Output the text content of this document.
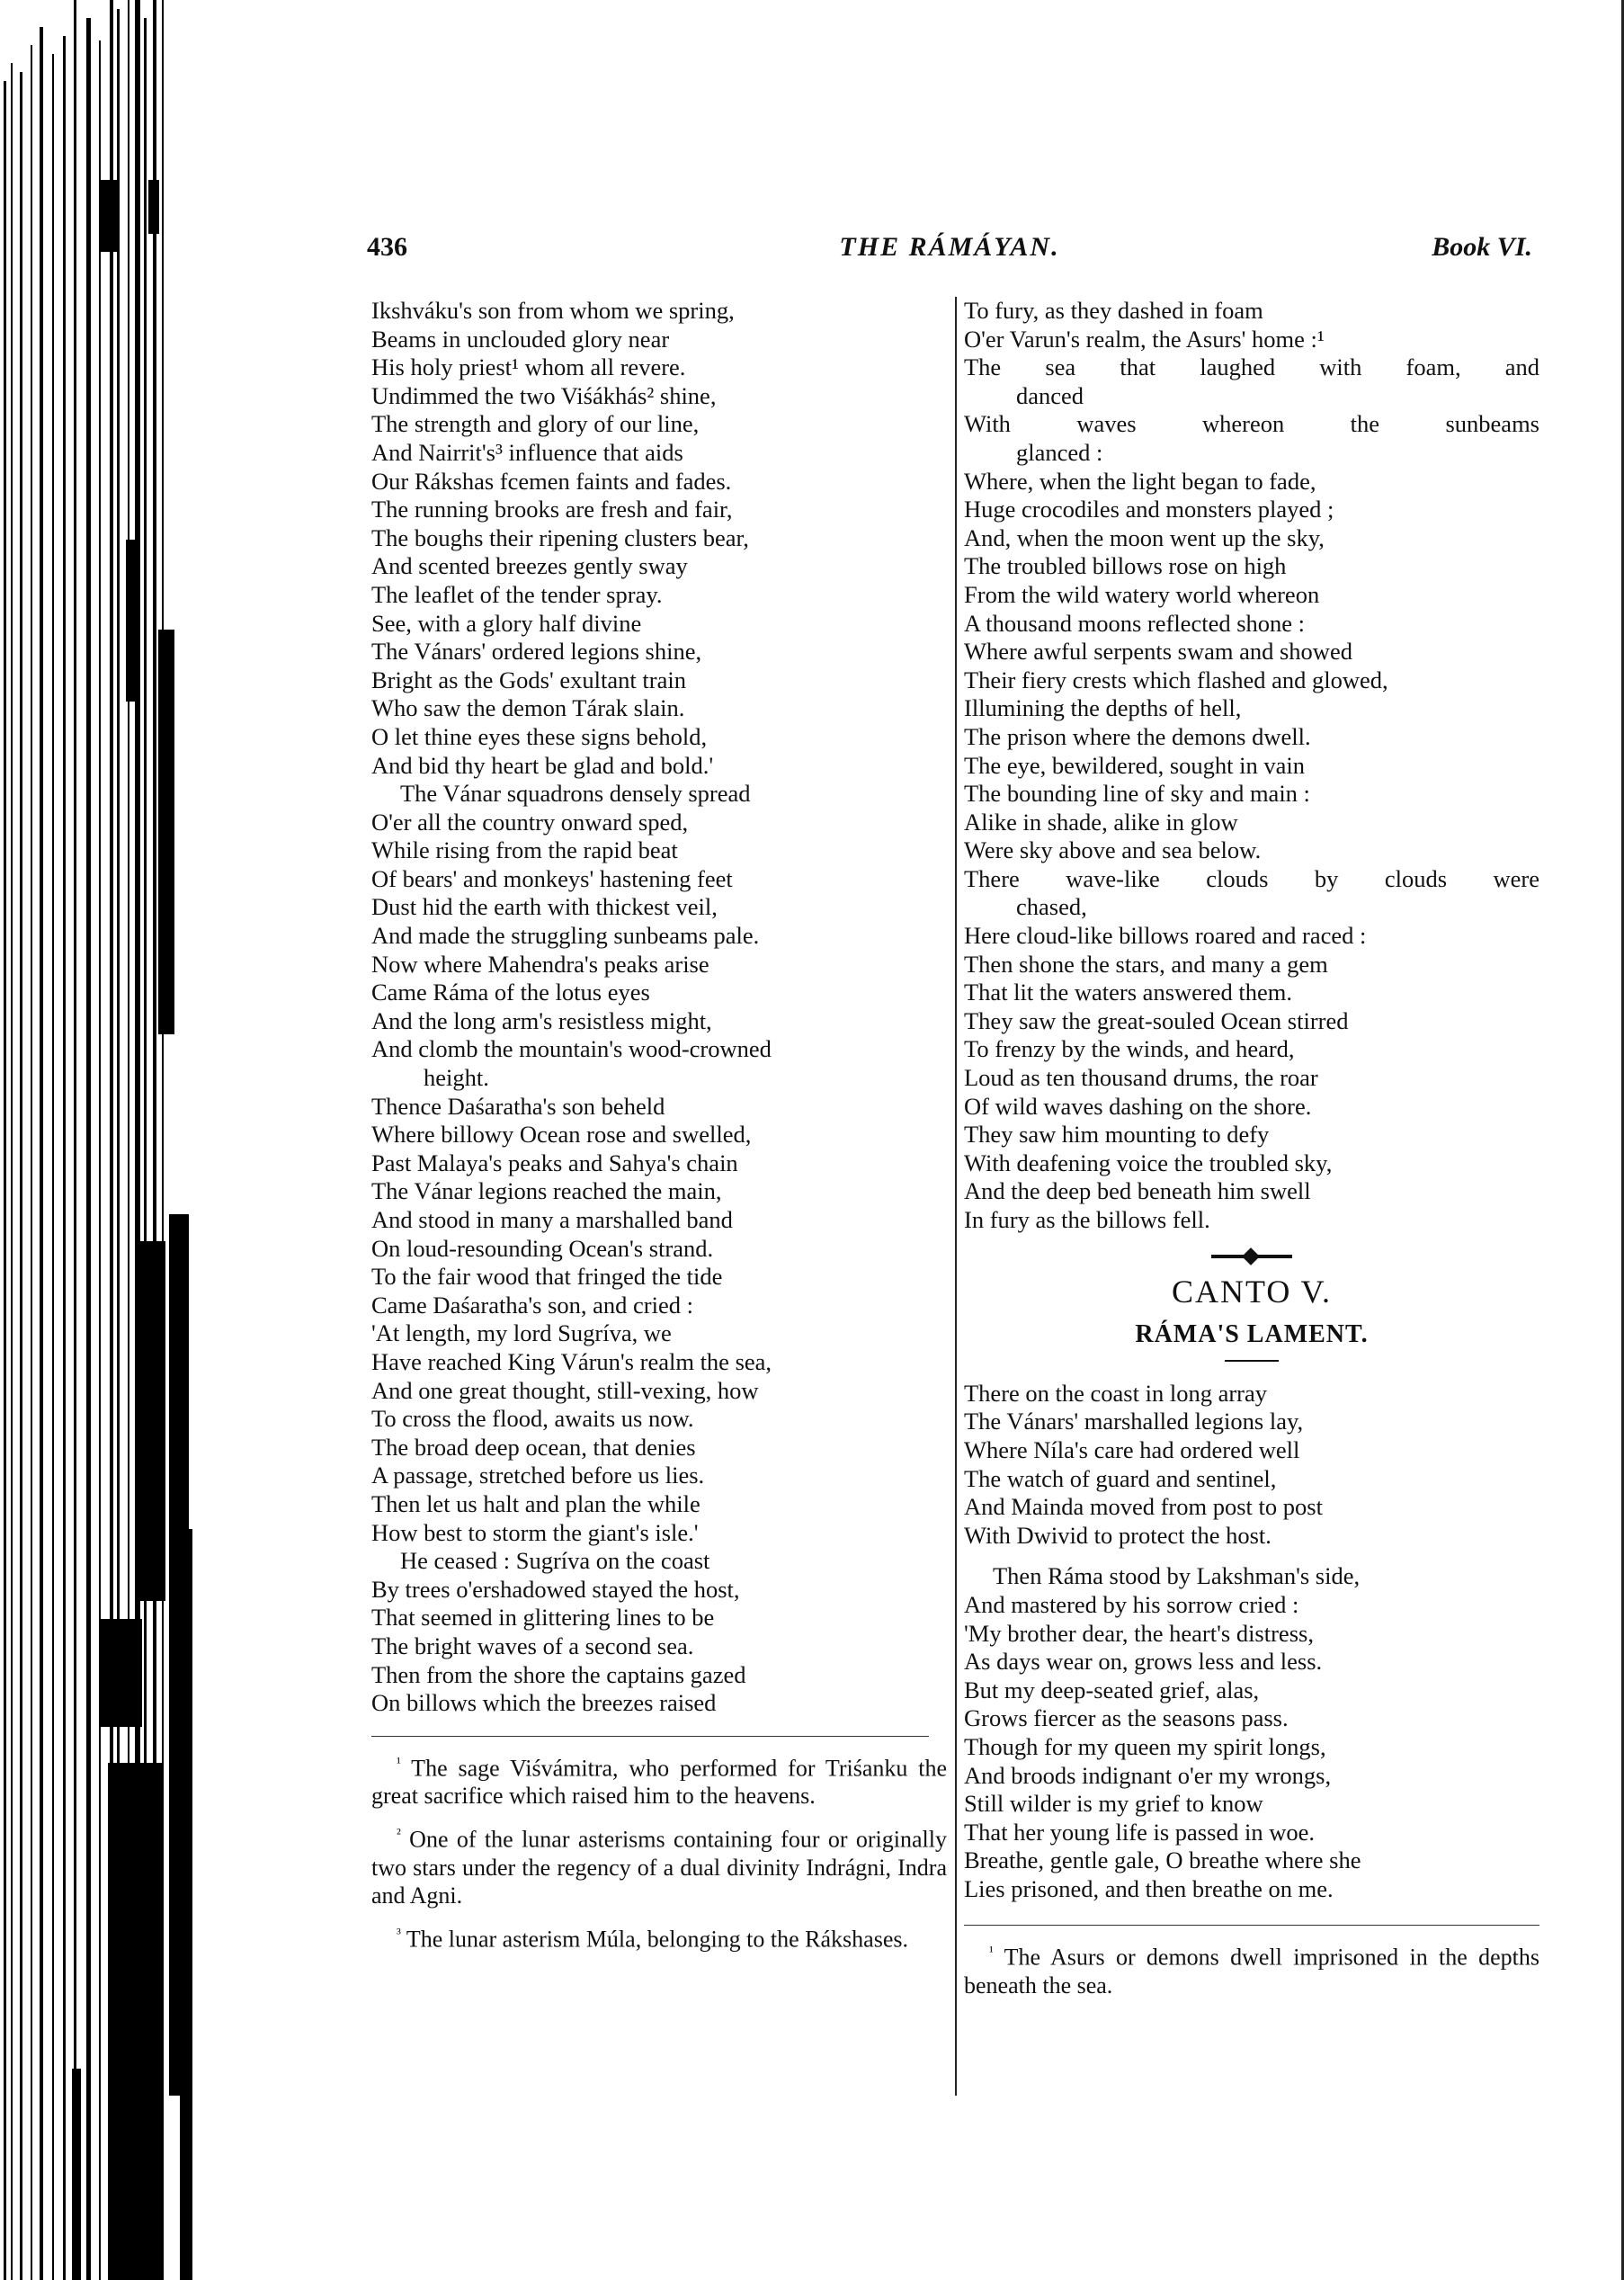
436	THE RÁMÁYAN.	Book VI.
Ikshváku's son from whom we spring,
Beams in unclouded glory near
His holy priest¹ whom all revere.
Undimmed the two Viśákhás² shine,
The strength and glory of our line,
And Nairrit's³ influence that aids
Our Rákshas fcemen faints and fades.
The running brooks are fresh and fair,
The boughs their ripening clusters bear,
And scented breezes gently sway
The leaflet of the tender spray.
See, with a glory half divine
The Vánars' ordered legions shine,
Bright as the Gods' exultant train
Who saw the demon Tárak slain.
O let thine eyes these signs behold,
And bid thy heart be glad and bold.'
The Vánar squadrons densely spread
O'er all the country onward sped,
While rising from the rapid beat
Of bears' and monkeys' hastening feet
Dust hid the earth with thickest veil,
And made the struggling sunbeams pale.
Now where Mahendra's peaks arise
Came Ráma of the lotus eyes
And the long arm's resistless might,
And clomb the mountain's wood-crowned
height.
Thence Daśaratha's son beheld
Where billowy Ocean rose and swelled,
Past Malaya's peaks and Sahya's chain
The Vánar legions reached the main,
And stood in many a marshalled band
On loud-resounding Ocean's strand.
To the fair wood that fringed the tide
Came Daśaratha's son, and cried :
'At length, my lord Sugríva, we
Have reached King Várun's realm the sea,
And one great thought, still-vexing, how
To cross the flood, awaits us now.
The broad deep ocean, that denies
A passage, stretched before us lies.
Then let us halt and plan the while
How best to storm the giant's isle.'
He ceased : Sugríva on the coast
By trees o'ershadowed stayed the host,
That seemed in glittering lines to be
The bright waves of a second sea.
Then from the shore the captains gazed
On billows which the breezes raised

$^{^1}$ The sage Viśvámitra, who performed for Triśanku the great sacrifice which raised him to the heavens.

$^{^2}$ One of the lunar asterisms containing four or originally two stars under the regency of a dual divinity Indrágni, Indra and Agni.

$^{^3}$ The lunar asterism Múla, belonging to the Rákshases.

To fury, as they dashed in foam
O'er Varun's realm, the Asurs' home :¹
The sea that laughed with foam, and
danced
With waves whereon the sunbeams
glanced :
Where, when the light began to fade,
Huge crocodiles and monsters played ;
And, when the moon went up the sky,
The troubled billows rose on high
From the wild watery world whereon
A thousand moons reflected shone :
Where awful serpents swam and showed
Their fiery crests which flashed and glowed,
Illumining the depths of hell,
The prison where the demons dwell.
The eye, bewildered, sought in vain
The bounding line of sky and main :
Alike in shade, alike in glow
Were sky above and sea below.
There wave-like clouds by clouds were
chased,
Here cloud-like billows roared and raced :
Then shone the stars, and many a gem
That lit the waters answered them.
They saw the great-souled Ocean stirred
To frenzy by the winds, and heard,
Loud as ten thousand drums, the roar
Of wild waves dashing on the shore.
They saw him mounting to defy
With deafening voice the troubled sky,
And the deep bed beneath him swell
In fury as the billows fell.
CANTO V.
RÁMA'S LAMENT.
There on the coast in long array
The Vánars' marshalled legions lay,
Where Níla's care had ordered well
The watch of guard and sentinel,
And Mainda moved from post to post
With Dwivid to protect the host.
Then Ráma stood by Lakshman's side,
And mastered by his sorrow cried :
'My brother dear, the heart's distress,
As days wear on, grows less and less.
But my deep-seated grief, alas,
Grows fiercer as the seasons pass.
Though for my queen my spirit longs,
And broods indignant o'er my wrongs,
Still wilder is my grief to know
That her young life is passed in woe.
Breathe, gentle gale, O breathe where she
Lies prisoned, and then breathe on me.

$^{^1}$ The Asurs or demons dwell imprisoned in the depths beneath the sea.
